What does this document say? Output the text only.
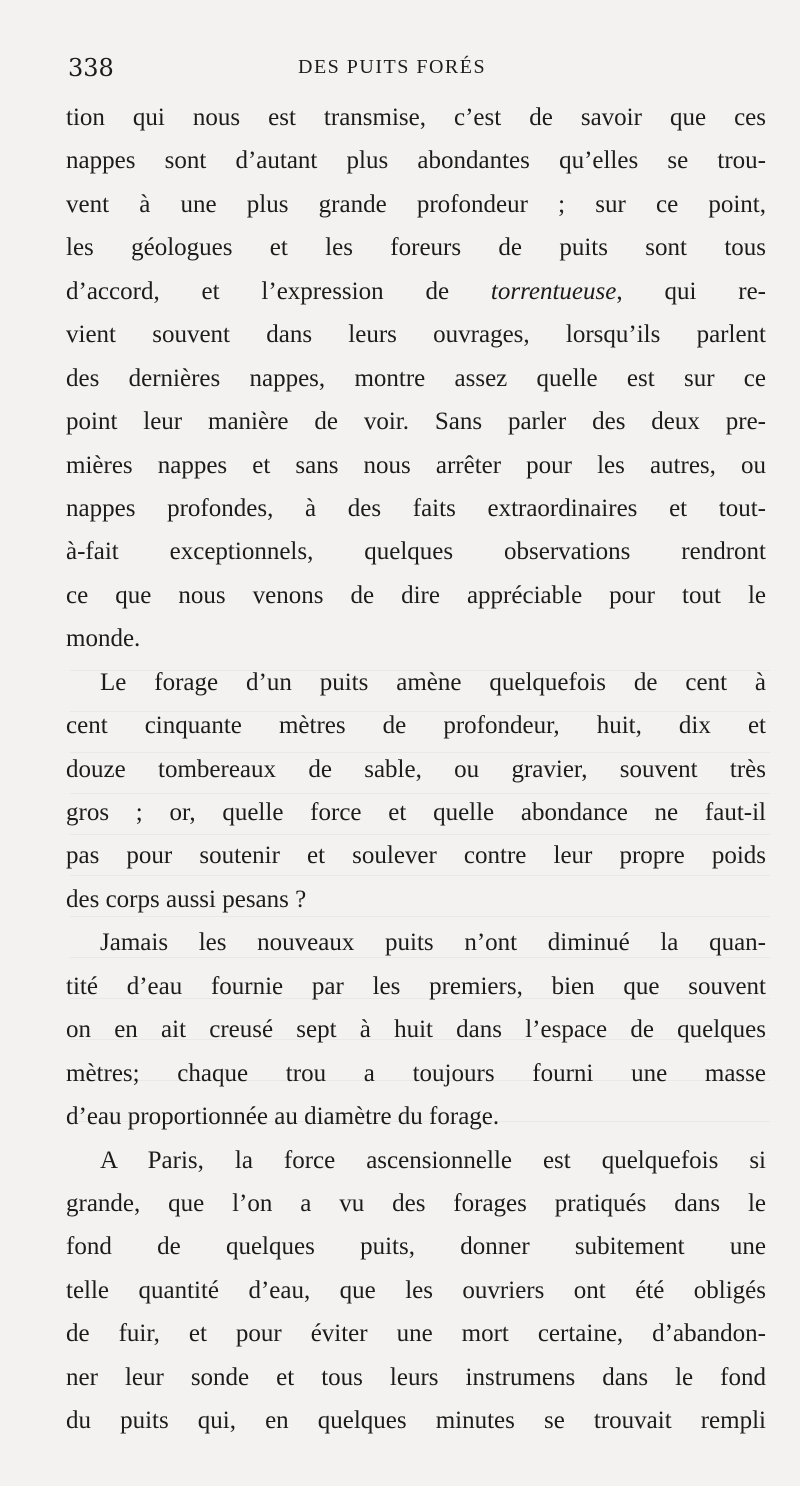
338	DES PUITS FORÉS
tion qui nous est transmise, c’est de savoir que ces
nappes sont d’autant plus abondantes qu’elles se trou-
vent à une plus grande profondeur ; sur ce point,
les géologues et les foreurs de puits sont tous
d’accord, et l’expression de torrentueuse, qui re-
vient souvent dans leurs ouvrages, lorsqu’ils parlent
des dernières nappes, montre assez quelle est sur ce
point leur manière de voir. Sans parler des deux pre-
mières nappes et sans nous arrêter pour les autres, ou
nappes profondes, à des faits extraordinaires et tout-
à-fait exceptionnels, quelques observations rendront
ce que nous venons de dire appréciable pour tout le
monde.
Le forage d’un puits amène quelquefois de cent à
cent cinquante mètres de profondeur, huit, dix et
douze tombereaux de sable, ou gravier, souvent très
gros ; or, quelle force et quelle abondance ne faut-il
pas pour soutenir et soulever contre leur propre poids
des corps aussi pesans ?
Jamais les nouveaux puits n’ont diminué la quan-
tité d’eau fournie par les premiers, bien que souvent
on en ait creusé sept à huit dans l’espace de quelques
mètres; chaque trou a toujours fourni une masse
d’eau proportionnée au diamètre du forage.
A Paris, la force ascensionnelle est quelquefois si
grande, que l’on a vu des forages pratiqués dans le
fond de quelques puits, donner subitement une
telle quantité d’eau, que les ouvriers ont été obligés
de fuir, et pour éviter une mort certaine, d’abandon-
ner leur sonde et tous leurs instrumens dans le fond
du puits qui, en quelques minutes se trouvait rempli
